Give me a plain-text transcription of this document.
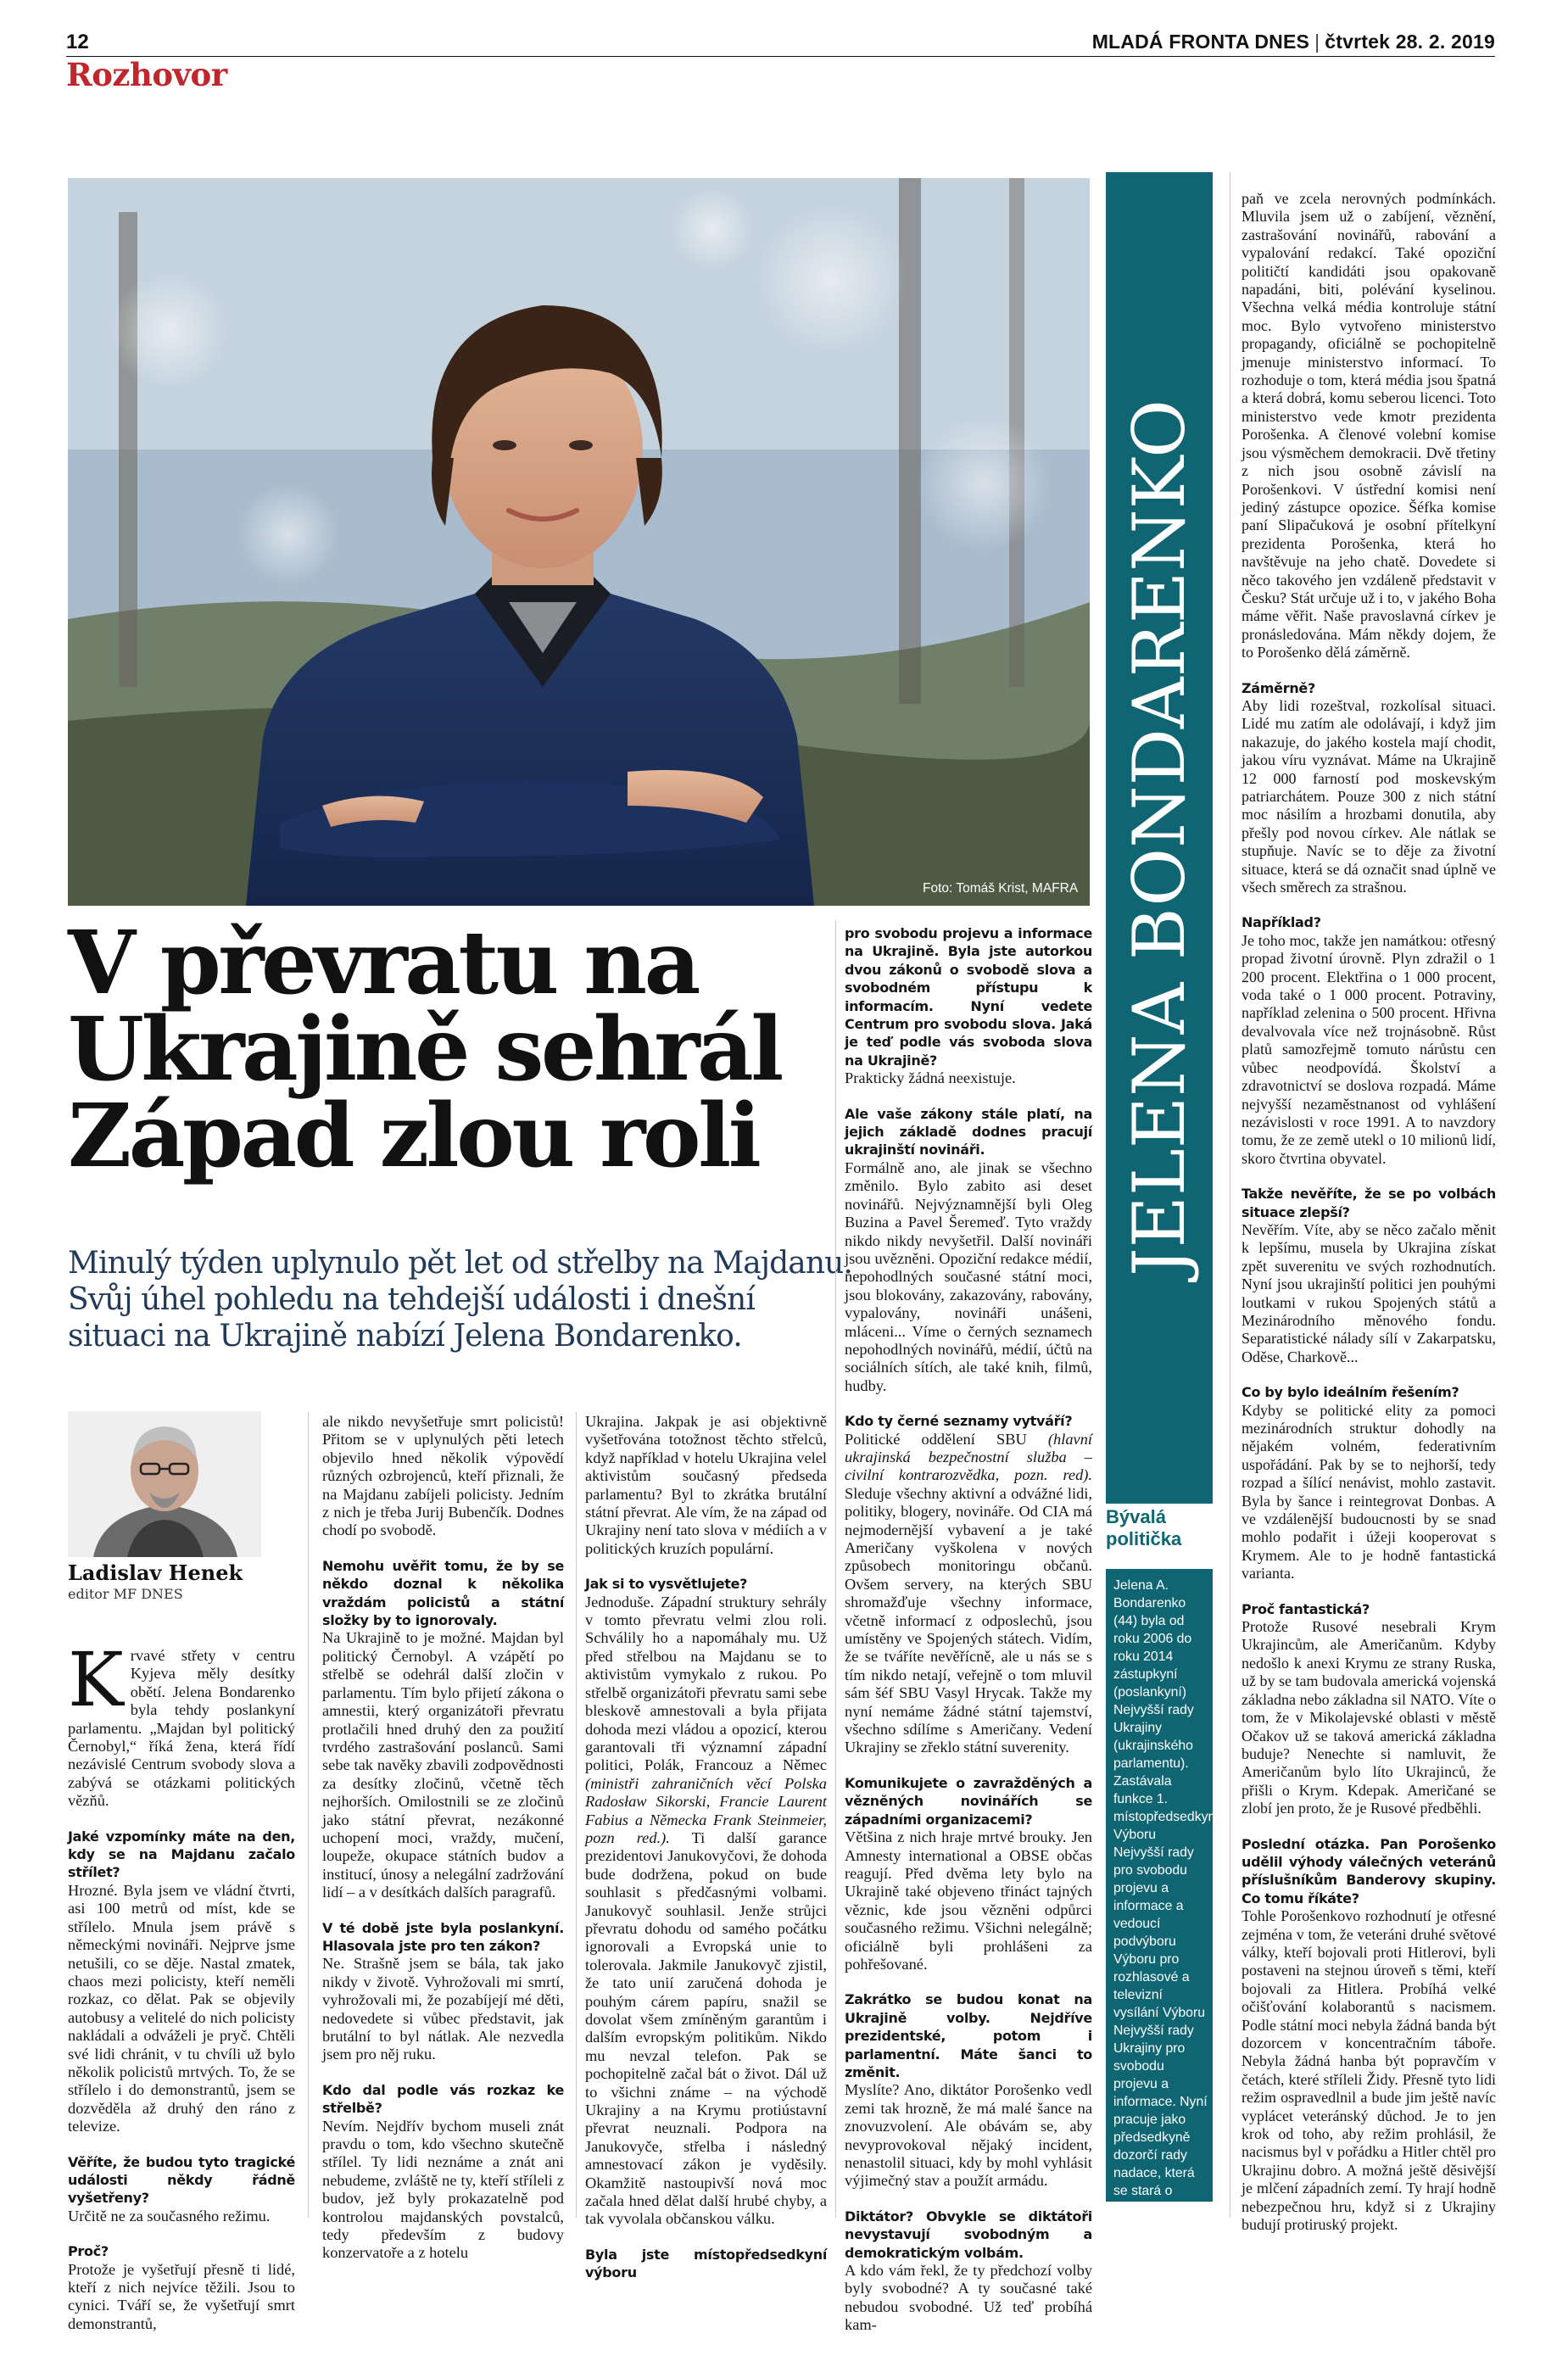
12	MLADÁ FRONTA DNES | čtvrtek 28. 2. 2019
Rozhovor
Foto: Tomáš Krist, MAFRA
V převratu na Ukrajině sehrál Západ zlou roli
Minulý týden uplynulo pět let od střelby na Majdanu. Svůj úhel pohledu na tehdejší události i dnešní situaci na Ukrajině nabízí Jelena Bondarenko.
Ladislav Henek
editor MF DNES

Krvavé střety v centru Kyjeva měly desítky obětí. Jelena Bondarenko byla tehdy poslankyní parlamentu. „Majdan byl politický Černobyl,“ říká žena, která řídí nezávislé Centrum svobody slova a zabývá se otázkami politických vězňů.

Jaké vzpomínky máte na den, kdy se na Majdanu začalo střílet?

Hrozné. Byla jsem ve vládní čtvrti, asi 100 metrů od míst, kde se střílelo. Mnula jsem právě s německými novináři. Nejprve jsme netušili, co se děje. Nastal zmatek, chaos mezi policisty, kteří neměli rozkaz, co dělat. Pak se objevily autobusy a velitelé do nich policisty nakládali a odváželi je pryč. Chtěli své lidi chránit, v tu chvíli už bylo několik policistů mrtvých. To, že se střílelo i do demonstrantů, jsem se dozvěděla až druhý den ráno z televize.

Věříte, že budou tyto tragické události někdy řádně vyšetřeny?

Určitě ne za současného režimu.

Proč?

Protože je vyšetřují přesně ti lidé, kteří z nich nejvíce těžili. Jsou to cynici. Tváří se, že vyšetřují smrt demonstrantů,

ale nikdo nevyšetřuje smrt policistů! Přitom se v uplynulých pěti letech objevilo hned několik výpovědí různých ozbrojenců, kteří přiznali, že na Majdanu zabíjeli policisty. Jedním z nich je třeba Jurij Bubenčík. Dodnes chodí po svobodě.

Nemohu uvěřit tomu, že by se někdo doznal k několika vraždám policistů a státní složky by to ignorovaly.

Na Ukrajině to je možné. Majdan byl politický Černobyl. A vzápětí po střelbě se odehrál další zločin v parlamentu. Tím bylo přijetí zákona o amnestii, který organizátoři převratu protlačili hned druhý den za použití tvrdého zastrašování poslanců. Sami sebe tak navěky zbavili zodpovědnosti za desítky zločinů, včetně těch nejhorších. Omilostnili se ze zločinů jako státní převrat, nezákonné uchopení moci, vraždy, mučení, loupeže, okupace státních budov a institucí, únosy a nelegální zadržování lidí – a v desítkách dalších paragrafů.

V té době jste byla poslankyní. Hlasovala jste pro ten zákon?

Ne. Strašně jsem se bála, tak jako nikdy v životě. Vyhrožovali mi smrtí, vyhrožovali mi, že pozabíjejí mé děti, nedovedete si vůbec představit, jak brutální to byl nátlak. Ale nezvedla jsem pro něj ruku.

Kdo dal podle vás rozkaz ke střelbě?

Nevím. Nejdřív bychom museli znát pravdu o tom, kdo všechno skutečně střílel. Ty lidi neznáme a znát ani nebudeme, zvláště ne ty, kteří stříleli z budov, jež byly prokazatelně pod kontrolou majdanských povstalců, tedy především z budovy konzervatoře a z hotelu

Ukrajina. Jakpak je asi objektivně vyšetřována totožnost těchto střelců, když například v hotelu Ukrajina velel aktivistům současný předseda parlamentu? Byl to zkrátka brutální státní převrat. Ale vím, že na západ od Ukrajiny není tato slova v médiích a v politických kruzích populární.

Jak si to vysvětlujete?

Jednoduše. Západní struktury sehrály v tomto převratu velmi zlou roli. Schválily ho a napomáhaly mu. Už před střelbou na Majdanu se to aktivistům vymykalo z rukou. Po střelbě organizátoři převratu sami sebe bleskově amnestovali a byla přijata dohoda mezi vládou a opozicí, kterou garantovali tři významní západní politici, Polák, Francouz a Němec (ministři zahraničních věcí Polska Radosław Sikorski, Francie Laurent Fabius a Německa Frank Steinmeier, pozn red.). Ti další garance prezidentovi Janukovyčovi, že dohoda bude dodržena, pokud on bude souhlasit s předčasnými volbami. Janukovyč souhlasil. Jenže strůjci převratu dohodu od samého počátku ignorovali a Evropská unie to tolerovala. Jakmile Janukovyč zjistil, že tato unií zaručená dohoda je pouhým cárem papíru, snažil se dovolat všem zmíněným garantům i dalším evropským politikům. Nikdo mu nevzal telefon. Pak se pochopitelně začal bát o život. Dál už to všichni známe – na východě Ukrajiny a na Krymu protiústavní převrat neuznali. Podpora na Janukovyče, střelba i následný amnestovací zákon je vyděsily. Okamžitě nastoupivší nová moc začala hned dělat další hrubé chyby, a tak vyvolala občanskou válku.

Byla jste místopředsedkyní výboru

pro svobodu projevu a informace na Ukrajině. Byla jste autorkou dvou zákonů o svobodě slova a svobodném přístupu k informacím. Nyní vedete Centrum pro svobodu slova. Jaká je teď podle vás svoboda slova na Ukrajině?

Prakticky žádná neexistuje.

Ale vaše zákony stále platí, na jejich základě dodnes pracují ukrajinští novináři.

Formálně ano, ale jinak se všechno změnilo. Bylo zabito asi deset novinářů. Nejvýznamnější byli Oleg Buzina a Pavel Šeremeď. Tyto vraždy nikdo nikdy nevyšetřil. Další novináři jsou uvězněni. Opoziční redakce médií, nepohodlných současné státní moci, jsou blokovány, zakazovány, rabovány, vypalovány, novináři unášeni, mláceni... Víme o černých seznamech nepohodlných novinářů, médií, účtů na sociálních sítích, ale také knih, filmů, hudby.

Kdo ty černé seznamy vytváří?

Politické oddělení SBU (hlavní ukrajinská bezpečnostní služba – civilní kontrarozvědka, pozn. red). Sleduje všechny aktivní a odvážné lidi, politiky, blogery, novináře. Od CIA má nejmodernější vybavení a je také Američany vyškolena v nových způsobech monitoringu občanů. Ovšem servery, na kterých SBU shromažďuje všechny informace, včetně informací z odposlechů, jsou umístěny ve Spojených státech. Vidím, že se tváříte nevěřícně, ale u nás se s tím nikdo netají, veřejně o tom mluvil sám šéf SBU Vasyl Hrycak. Takže my nyní nemáme žádné státní tajemství, všechno sdílíme s Američany. Vedení Ukrajiny se zřeklo státní suverenity.

Komunikujete o zavražděných a věznĕných novinářích se západními organizacemi?

Většina z nich hraje mrtvé brouky. Jen Amnesty international a OBSE občas reagují. Před dvěma lety bylo na Ukrajině také objeveno třináct tajných věznic, kde jsou vězněni odpůrci současného režimu. Všichni nelegálně; oficiálně byli prohlášeni za pohřešované.

Zakrátko se budou konat na Ukrajině volby. Nejdříve prezidentské, potom i parlamentní. Máte šanci to změnit.

Myslíte? Ano, diktátor Porošenko vedl zemi tak hrozně, že má malé šance na znovuzvolení. Ale obávám se, aby nevyprovokoval nějaký incident, nenastolil situaci, kdy by mohl vyhlásit výjimečný stav a použít armádu.

Diktátor? Obvykle se diktátoři nevystavují svobodným a demokratickým volbám.

A kdo vám řekl, že ty předchozí volby byly svobodné? A ty současné také nebudou svobodné. Už teď probíhá kam-

JELENA BONDARENKO
Bývalá politička
Jelena A. Bondarenko (44) byla od roku 2006 do roku 2014 zástupkyní (poslankyní) Nejvyšší rady Ukrajiny (ukrajinského parlamentu). Zastávala funkce 1. místopředsedkyně Výboru Nejvyšší rady pro svobodu projevu a informace a vedoucí podvýboru Výboru pro rozhlasové a televizní vysílání Výboru Nejvyšší rady Ukrajiny pro svobodu projevu a informace. Nyní pracuje jako předsedkyně dozorčí rady nadace, která se stará o pomoc pěsidlenským osobám. Řídí nezávislé Centrum svobody slova a zabývá se otázkami politických vězňů.

paň ve zcela nerovných podmínkách. Mluvila jsem už o zabíjení, věznění, zastrašování novinářů, rabování a vypalování redakcí. Také opoziční političtí kandidáti jsou opakovaně napadáni, biti, polévání kyselinou. Všechna velká média kontroluje státní moc. Bylo vytvořeno ministerstvo propagandy, oficiálně se pochopitelně jmenuje ministerstvo informací. To rozhoduje o tom, která média jsou špatná a která dobrá, komu seberou licenci. Toto ministerstvo vede kmotr prezidenta Porošenka. A členové volební komise jsou výsměchem demokracii. Dvě třetiny z nich jsou osobně závislí na Porošenkovi. V ústřední komisi není jediný zástupce opozice. Šéfka komise paní Slipačuková je osobní přítelkyní prezidenta Porošenka, která ho navštěvuje na jeho chatě. Dovedete si něco takového jen vzdáleně představit v Česku? Stát určuje už i to, v jakého Boha máme věřit. Naše pravoslavná církev je pronásledována. Mám někdy dojem, že to Porošenko dělá záměrně.

Záměrně?

Aby lidi rozeštval, rozkolísal situaci. Lidé mu zatím ale odolávají, i když jim nakazuje, do jakého kostela mají chodit, jakou víru vyznávat. Máme na Ukrajině 12 000 farností pod moskevským patriarchátem. Pouze 300 z nich státní moc násilím a hrozbami donutila, aby přešly pod novou církev. Ale nátlak se stupňuje. Navíc se to děje za životní situace, která se dá označit snad úplně ve všech směrech za strašnou.

Například?

Je toho moc, takže jen namátkou: otřesný propad životní úrovně. Plyn zdražil o 1 200 procent. Elektřina o 1 000 procent, voda také o 1 000 procent. Potraviny, například zelenina o 500 procent. Hřivna devalvovala více než trojnásobně. Růst platů samozřejmě tomuto nárůstu cen vůbec neodpovídá. Školství a zdravotnictví se doslova rozpadá. Máme nejvyšší nezaměstnanost od vyhlášení nezávislosti v roce 1991. A to navzdory tomu, že ze země utekl o 10 milionů lidí, skoro čtvrtina obyvatel.

Takže nevěříte, že se po volbách situace zlepší?

Nevěřím. Víte, aby se něco začalo měnit k lepšímu, musela by Ukrajina získat zpět suverenitu ve svých rozhodnutích. Nyní jsou ukrajinští politici jen pouhými loutkami v rukou Spojených států a Mezinárodního měnového fondu. Separatistické nálady sílí v Zakarpatsku, Oděse, Charkově...

Co by bylo ideálním řešením?

Kdyby se politické elity za pomoci mezinárodních struktur dohodly na nějakém volném, federativním uspořádání. Pak by se to nejhorší, tedy rozpad a šílící nenávist, mohlo zastavit. Byla by šance i reintegrovat Donbas. A ve vzdálenější budoucnosti by se snad mohlo podařit i úžeji kooperovat s Krymem. Ale to je hodně fantastická varianta.

Proč fantastická?

Protože Rusové nesebrali Krym Ukrajincům, ale Američanům. Kdyby nedošlo k anexi Krymu ze strany Ruska, už by se tam budovala americká vojenská základna nebo základna sil NATO. Víte o tom, že v Mikolajevské oblasti v městě Očakov už se taková americká základna buduje? Nenechte si namluvit, že Američanům bylo líto Ukrajinců, že přišli o Krym. Kdepak. Američané se zlobí jen proto, že je Rusové předběhli.

Poslední otázka. Pan Porošenko udělil výhody válečných veteránů příslušníkům Banderovy skupiny. Co tomu říkáte?

Tohle Porošenkovo rozhodnutí je otřesné zejména v tom, že veteráni druhé světové války, kteří bojovali proti Hitlerovi, byli postaveni na stejnou úroveň s těmi, kteří bojovali za Hitlera. Probíhá velké očišťování kolaborantů s nacismem. Podle státní moci nebyla žádná banda být dozorcem v koncentračním táboře. Nebyla žádná hanba být popravčím v četách, které stříleli Židy. Přesně tyto lidi režim ospravedlnil a bude jim ještě navíc vyplácet veteránský důchod. Je to jen krok od toho, aby režim prohlásil, že nacismus byl v pořádku a Hitler chtěl pro Ukrajinu dobro. A možná ještě děsivější je mlčení západních zemí. Ty hrají hodně nebezpečnou hru, když si z Ukrajiny budují protiruský projekt.
